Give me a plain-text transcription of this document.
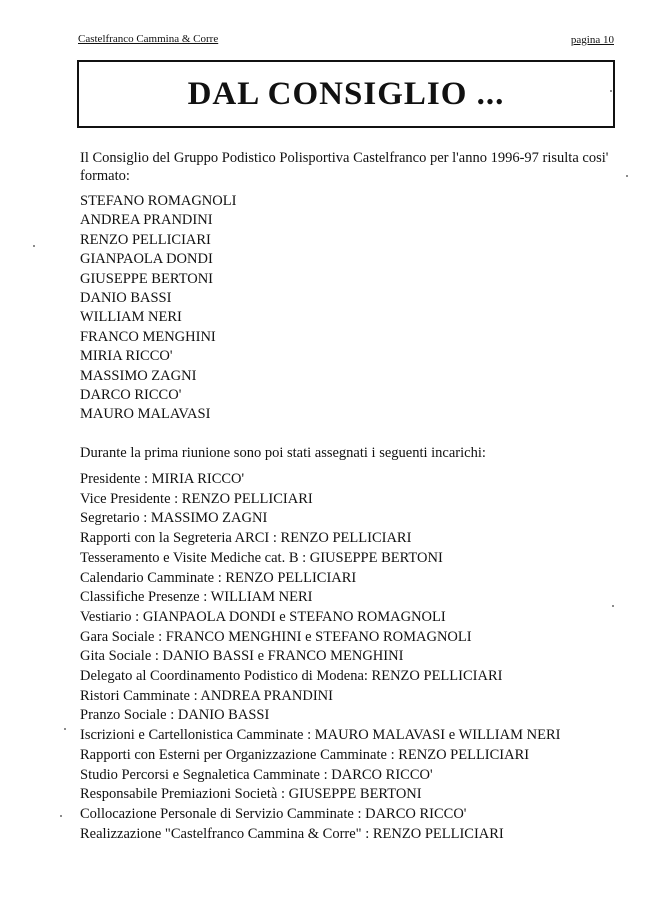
Castelfranco Cammina & Corre	pagina 10
DAL CONSIGLIO ...
Il Consiglio del Gruppo Podistico Polisportiva Castelfranco per l'anno 1996-97 risulta cosi' formato:
STEFANO ROMAGNOLI
ANDREA PRANDINI
RENZO PELLICIARI
GIANPAOLA DONDI
GIUSEPPE BERTONI
DANIO BASSI
WILLIAM NERI
FRANCO MENGHINI
MIRIA RICCO'
MASSIMO ZAGNI
DARCO RICCO'
MAURO MALAVASI
Durante la prima riunione sono poi stati assegnati i seguenti incarichi:
Presidente : MIRIA RICCO'
Vice Presidente : RENZO PELLICIARI
Segretario : MASSIMO ZAGNI
Rapporti con la Segreteria ARCI : RENZO PELLICIARI
Tesseramento e Visite Mediche cat. B : GIUSEPPE BERTONI
Calendario Camminate : RENZO PELLICIARI
Classifiche Presenze : WILLIAM NERI
Vestiario : GIANPAOLA DONDI e STEFANO ROMAGNOLI
Gara Sociale : FRANCO MENGHINI e STEFANO ROMAGNOLI
Gita Sociale : DANIO BASSI e FRANCO MENGHINI
Delegato al Coordinamento Podistico di Modena: RENZO PELLICIARI
Ristori Camminate : ANDREA PRANDINI
Pranzo Sociale : DANIO BASSI
Iscrizioni e Cartellonistica Camminate : MAURO MALAVASI e WILLIAM NERI
Rapporti con Esterni per Organizzazione Camminate : RENZO PELLICIARI
Studio Percorsi e Segnaletica Camminate : DARCO RICCO'
Responsabile Premiazioni Società : GIUSEPPE BERTONI
Collocazione Personale di Servizio Camminate : DARCO RICCO'
Realizzazione "Castelfranco Cammina & Corre" : RENZO PELLICIARI
